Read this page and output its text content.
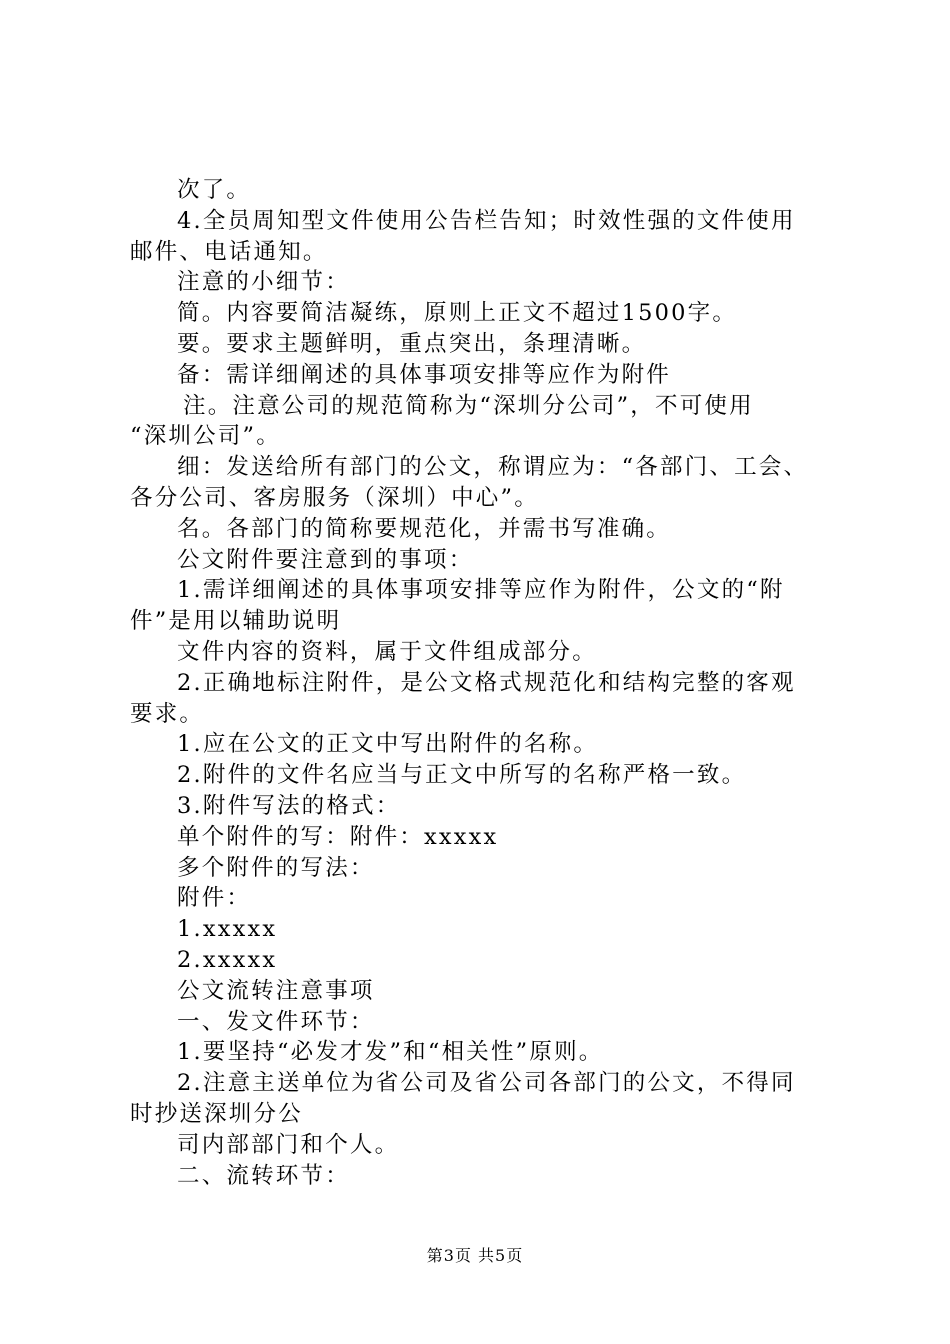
次了。
4.全员周知型文件使用公告栏告知；时效性强的文件使用
邮件、电话通知。
注意的小细节：
简。内容要简洁凝练，原则上正文不超过1500字。
要。要求主题鲜明，重点突出，条理清晰。
备：需详细阐述的具体事项安排等应作为附件
注。注意公司的规范简称为“深圳分公司”，不可使用
“深圳公司”。
细：发送给所有部门的公文，称谓应为：“各部门、工会、
各分公司、客房服务（深圳）中心”。
名。各部门的简称要规范化，并需书写准确。
公文附件要注意到的事项：
1.需详细阐述的具体事项安排等应作为附件，公文的“附
件”是用以辅助说明
文件内容的资料，属于文件组成部分。
2.正确地标注附件，是公文格式规范化和结构完整的客观
要求。
1.应在公文的正文中写出附件的名称。
2.附件的文件名应当与正文中所写的名称严格一致。
3.附件写法的格式：
单个附件的写：附件：xxxxx
多个附件的写法：
附件：
1.xxxxx
2.xxxxx
公文流转注意事项
一、发文件环节：
1.要坚持“必发才发”和“相关性”原则。
2.注意主送单位为省公司及省公司各部门的公文，不得同
时抄送深圳分公
司内部部门和个人。
二、流转环节：
第3页 共5页
